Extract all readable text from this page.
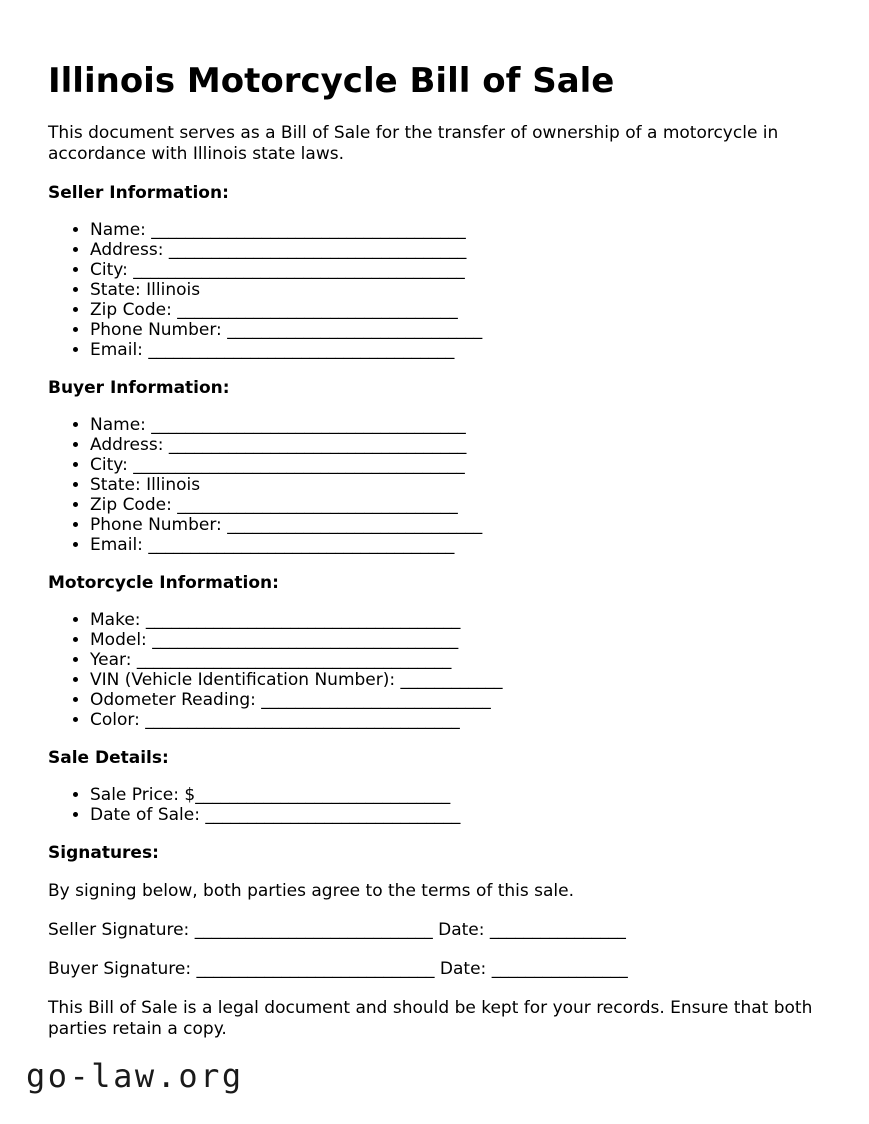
Illinois Motorcycle Bill of Sale

This document serves as a Bill of Sale for the transfer of ownership of a motorcycle in accordance with Illinois state laws.

Seller Information:
• Name: _____________________________________
• Address: ___________________________________
• City: _______________________________________
• State: Illinois
• Zip Code: _________________________________
• Phone Number: ______________________________
• Email: ____________________________________
Buyer Information:
• Name: _____________________________________
• Address: ___________________________________
• City: _______________________________________
• State: Illinois
• Zip Code: _________________________________
• Phone Number: ______________________________
• Email: ____________________________________
Motorcycle Information:
• Make: _____________________________________
• Model: ____________________________________
• Year: _____________________________________
• VIN (Vehicle Identification Number): ____________
• Odometer Reading: ___________________________
• Color: _____________________________________
Sale Details:
• Sale Price: $______________________________
• Date of Sale: ______________________________
Signatures:

By signing below, both parties agree to the terms of this sale.

Seller Signature: ____________________________ Date: ________________

Buyer Signature: ____________________________ Date: ________________

This Bill of Sale is a legal document and should be kept for your records. Ensure that both parties retain a copy.

go-law.org
